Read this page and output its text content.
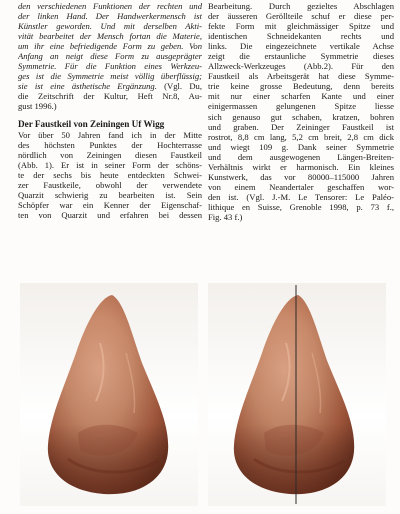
den verschiedenen Funktionen der rechten und
der linken Hand. Der Handwerkermensch ist
Künstler geworden. Und mit derselben Akti-
vität bearbeitet der Mensch fortan die Materie,
um ihr eine befriedigende Form zu geben. Von
Anfang an neigt diese Form zu ausgeprägter
Symmetrie. Für die Funktion eines Werkzeu-
ges ist die Symmetrie meist völlig überflüssig;
sie ist eine ästhetische Ergänzung. (Vgl. Du,
die Zeitschrift der Kultur, Heft Nr.8, Au-
gust 1996.)
Der Faustkeil von Zeiningen Uf Wigg
Vor über 50 Jahren fand ich in der Mitte
des höchsten Punktes der Hochterrasse
nördlich von Zeiningen diesen Faustkeil
(Abb. 1). Er ist in seiner Form der schöns-
te der sechs bis heute entdeckten Schwei-
zer Faustkeile, obwohl der verwendete
Quarzit schwierig zu bearbeiten ist. Sein
Schöpfer war ein Kenner der Eigenschaf-
ten von Quarzit und erfahren bei dessen
Bearbeitung. Durch gezieltes Abschlagen
der äusseren Geröllteile schuf er diese per-
fekte Form mit gleichmässiger Spitze und
identischen Schneidekanten rechts und
links. Die eingezeichnete vertikale Achse
zeigt die erstaunliche Symmetrie dieses
Allzweck-Werkzeuges (Abb.2). Für den
Faustkeil als Arbeitsgerät hat diese Symme-
trie keine grosse Bedeutung, denn bereits
mit nur einer scharfen Kante und einer
einigermassen gelungenen Spitze liesse
sich genauso gut schaben, kratzen, bohren
und graben. Der Zeininger Faustkeil ist
rostrot, 8,8 cm lang, 5,2 cm breit, 2,8 cm dick
und wiegt 109 g. Dank seiner Symmetrie
und dem ausgewogenen Längen-Breiten-
Verhältnis wirkt er harmonisch. Ein kleines
Kunstwerk, das vor 80000–115000 Jahren
von einem Neandertaler geschaffen wor-
den ist. (Vgl. J.-M. Le Tensorer: Le Paléo-
lithique en Suisse, Grenoble 1998, p. 73 f.,
Fig. 43 f.)
